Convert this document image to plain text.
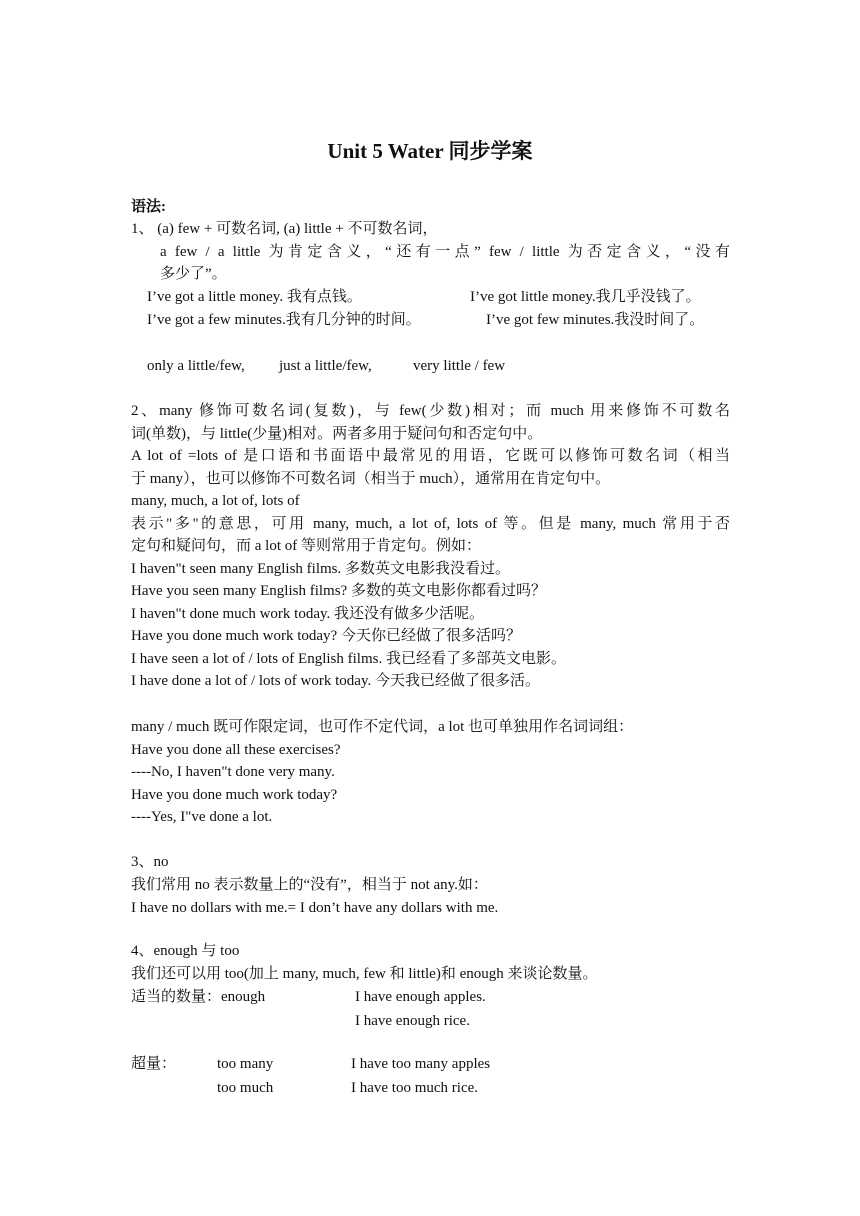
Unit 5 Water 同步学案
语法:
1、 (a) few + 可数名词, (a) little + 不可数名词，
a few / a little 为肯定含义，“还有一点” few / little 为否定含义，“没有
多少了”。
I’ve got a little money. 我有点钱。	I’ve got little money.我几乎没钱了。
I’ve got a few minutes.我有几分钟的时间。	I’ve got few minutes.我没时间了。
only a little/few, just a little/few,	very little / few
2、many 修饰可数名词(复数)，与 few(少数)相对；而 much 用来修饰不可数名
词(单数)，与 little(少量)相对。两者多用于疑问句和否定句中。
A lot of =lots of 是口语和书面语中最常见的用语，它既可以修饰可数名词（相当
于 many），也可以修饰不可数名词（相当于 much），通常用在肯定句中。
many, much, a lot of, lots of
表示"多"的意思，可用 many, much, a lot of, lots of 等。但是 many, much 常用于否
定句和疑问句，而 a lot of 等则常用于肯定句。例如：
I haven"t seen many English films. 多数英文电影我没看过。
Have you seen many English films? 多数的英文电影你都看过吗？
I haven"t done much work today. 我还没有做多少活呢。
Have you done much work today? 今天你已经做了很多活吗？
I have seen a lot of / lots of English films. 我已经看了多部英文电影。
I have done a lot of / lots of work today. 今天我已经做了很多活。
many / much 既可作限定词，也可作不定代词，a lot 也可单独用作名词词组：
Have you done all these exercises?
----No, I haven"t done very many.
Have you done much work today?
----Yes, I"ve done a lot.
3、no
我们常用 no 表示数量上的“没有”，相当于 not any.如：
I have no dollars with me.= I don’t have any dollars with me.
4、enough 与 too
我们还可以用 too(加上 many, much, few 和 little)和 enough 来谈论数量。
适当的数量：enough	I have enough apples.
I have enough rice.
超量：	too many	I have too many apples
too much	I have too much rice.
